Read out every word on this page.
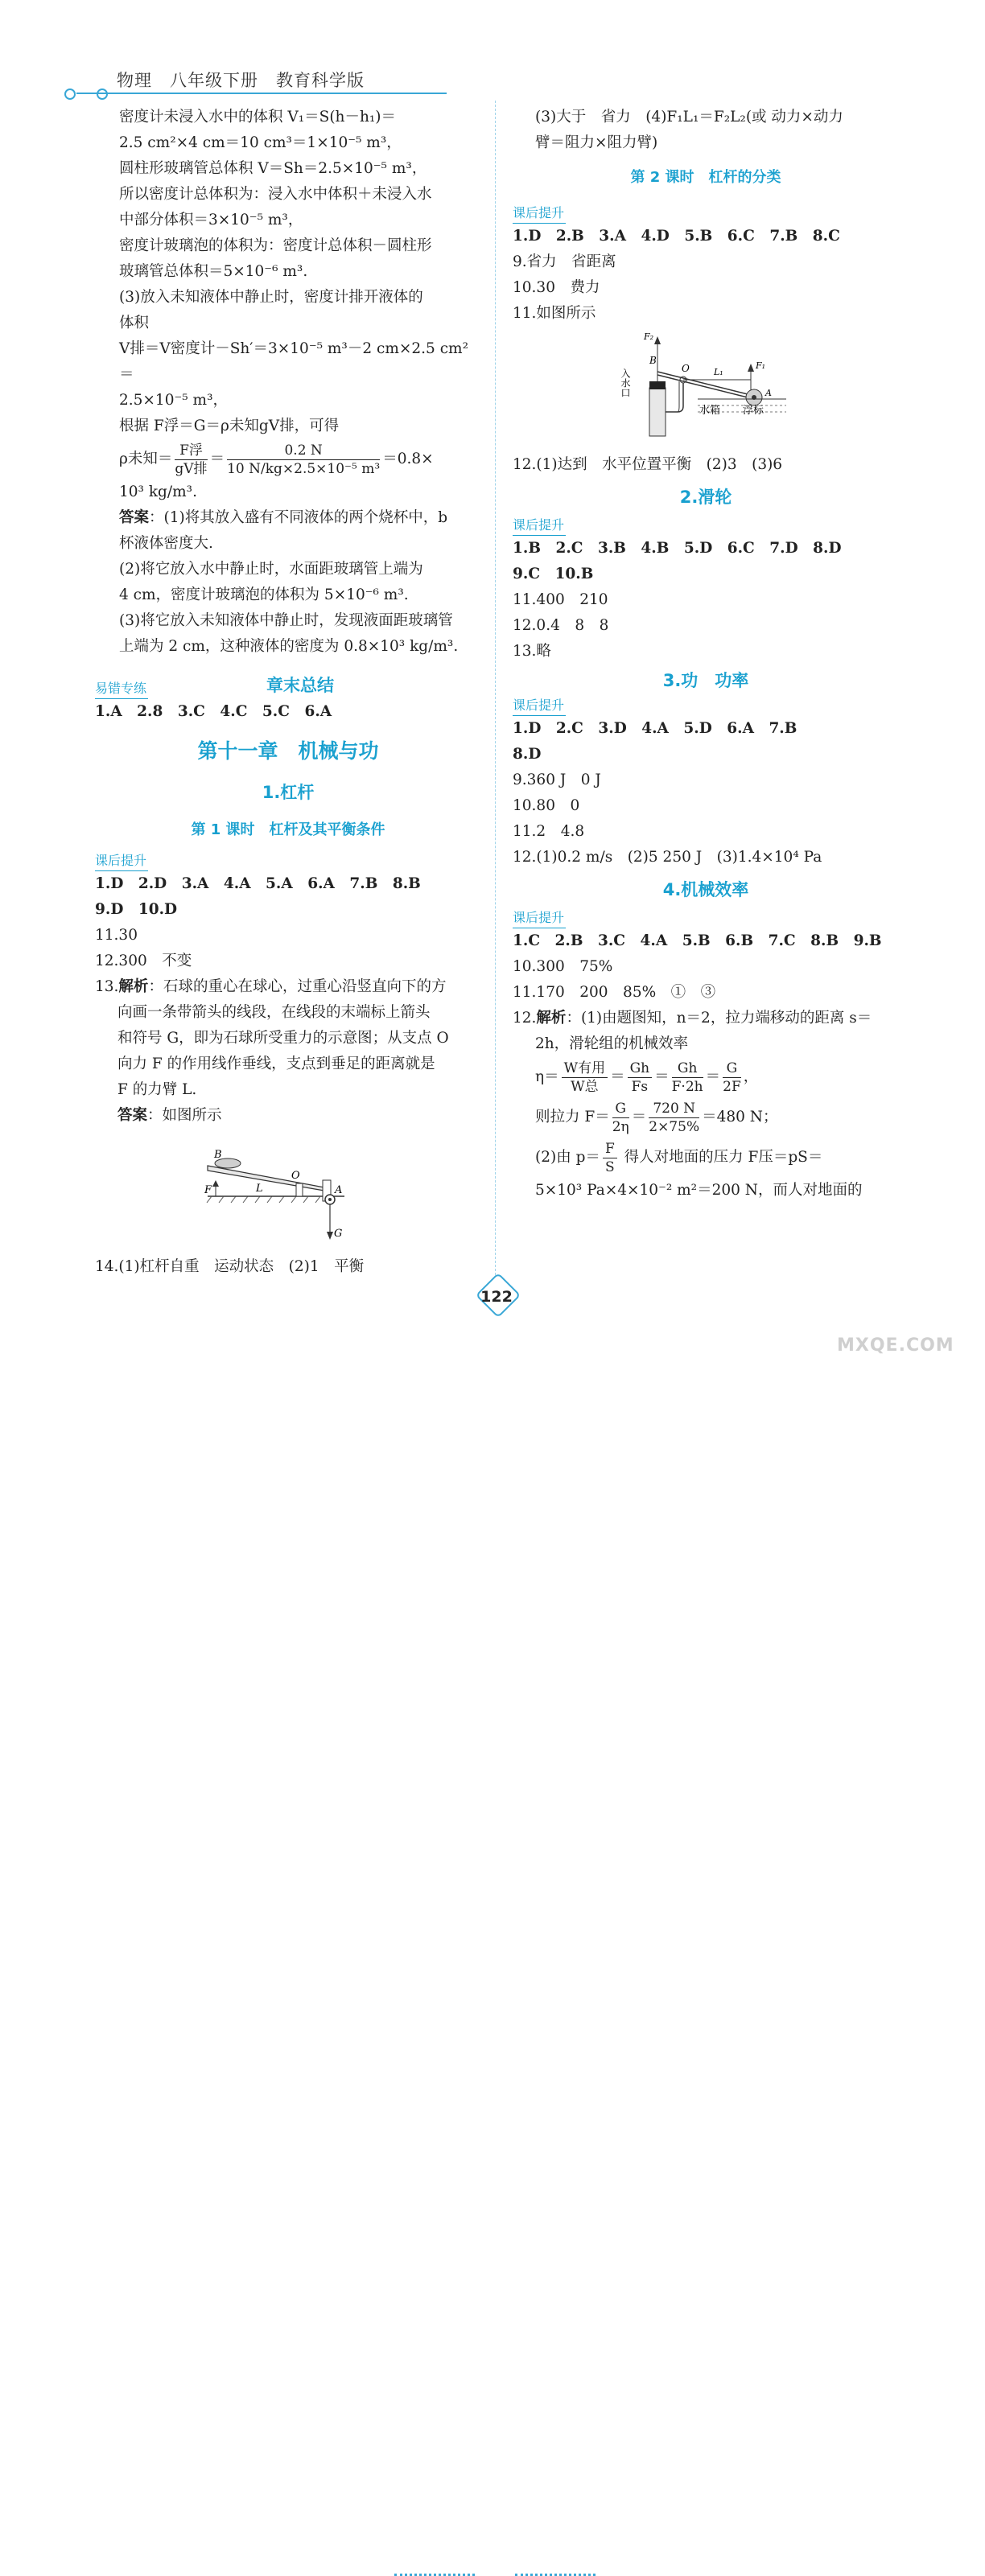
物理　八年级下册　教育科学版

密度计未浸入水中的体积 V₁＝S(h－h₁)＝

2.5 cm²×4 cm＝10 cm³＝1×10⁻⁵ m³，

圆柱形玻璃管总体积 V＝Sh＝2.5×10⁻⁵ m³，

所以密度计总体积为：浸入水中体积＋未浸入水

中部分体积＝3×10⁻⁵ m³，

密度计玻璃泡的体积为：密度计总体积－圆柱形

玻璃管总体积＝5×10⁻⁶ m³.

(3)放入未知液体中静止时，密度计排开液体的

体积

V排＝V密度计－Sh′＝3×10⁻⁵ m³－2 cm×2.5 cm²＝

2.5×10⁻⁵ m³，

根据 F浮＝G＝ρ未知gV排，可得

ρ未知＝ $\frac{\text{F浮}}{\text{gV排}} = \frac{0.2 N}{\text{10 N/kg×2.5×10⁻⁵ m³}} =0.8\times$

10³ kg/m³.

答案：(1)将其放入盛有不同液体的两个烧杯中，b

杯液体密度大.

(2)将它放入水中静止时，水面距玻璃管上端为

4 cm，密度计玻璃泡的体积为 5×10⁻⁶ m³.

(3)将它放入未知液体中静止时，发现液面距玻璃管

上端为 2 cm，这种液体的密度为 0.8×10³ kg/m³.

章末总结

易错专练

1.A　2.8　3.C　4.C　5.C　6.A

第十一章　机械与功

1.杠杆

第 1 课时　杠杆及其平衡条件

课后提升

1.D　2.D　3.A　4.A　5.A　6.A　7.B　8.B

9.D　10.D

11.30

12.300　不变

13.解析：石球的重心在球心，过重心沿竖直向下的方

向画一条带箭头的线段，在线段的末端标上箭头

和符号 G，即为石球所受重力的示意图；从支点 O

向力 F 的作用线作垂线，支点到垂足的距离就是

F 的力臂 L.

答案：如图所示

B
O
F	L	A
G

14.(1)杠杆自重　运动状态　(2)1　平衡

(3)大于　省力　(4)F₁L₁＝F₂L₂(或 动力×动力

臂＝阻力×阻力臂)

第 2 课时　杠杆的分类

课后提升

1.D　2.B　3.A　4.D　5.B　6.C　7.B　8.C

9.省力　省距离

10.30　费力

11.如图所示

F₂
B
O	L₁
F₁
A
入水口
水箱 浮标

12.(1)达到　水平位置平衡　(2)3　(3)6

2.滑轮

课后提升

1.B　2.C　3.B　4.B　5.D　6.C　7.D　8.D

9.C　10.B

11.400　210

12.0.4　8　8

13.略

3.功　功率

课后提升

1.D　2.C　3.D　4.A　5.D　6.A　7.B

8.D

9.360 J　0 J

10.80　0

11.2　4.8

12.(1)0.2 m/s　(2)5 250 J　(3)1.4×10⁴ Pa

4.机械效率

课后提升

1.C　2.B　3.C　4.A　5.B　6.B　7.C　8.B　9.B

10.300　75%

11.170　200　85%　①　③

12.解析：(1)由题图知，n＝2，拉力端移动的距离 s＝

2h，滑轮组的机械效率

$\eta= \frac{\text{W有用}}{\text{W总}} = \frac{Gh}{Fs} = \frac{Gh}{F\cdot 2h} = \frac{G}{2F}$ ，

则拉力 $F= \frac{G}{2\eta} = \frac{720 N}{2\times 75\%} =480$ N；

(2)由 $p= \frac{F}{S}$ 得人对地面的压力 F压＝pS＝

5×10³ Pa×4×10⁻² m²＝200 N，而人对地面的

122
MXQE.COM
